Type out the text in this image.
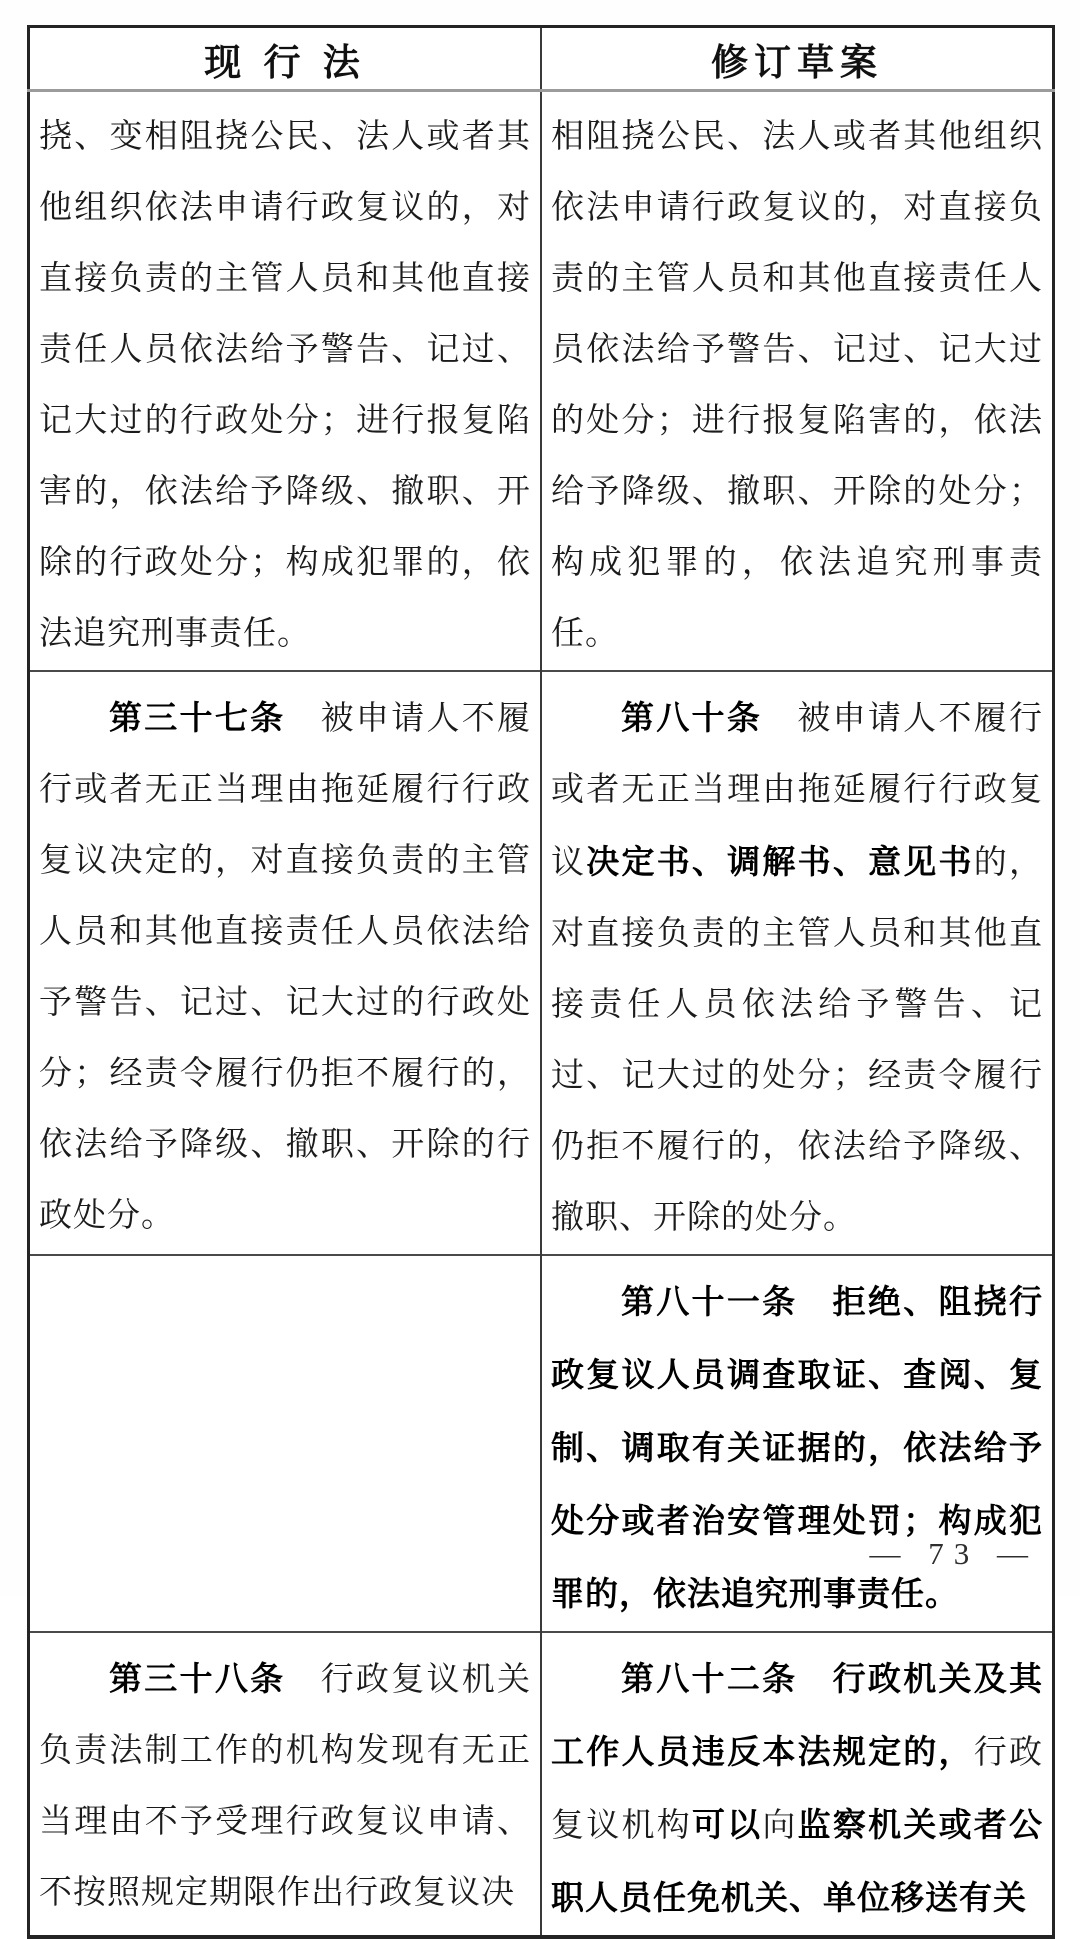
现 行 法	修订草案

挠、变相阻挠公民、法人或者其他组织依法申请行政复议的，对直接负责的主管人员和其他直接责任人员依法给予警告、记过、记大过的行政处分；进行报复陷害的，依法给予降级、撤职、开除的行政处分；构成犯罪的，依法追究刑事责任。	相阻挠公民、法人或者其他组织依法申请行政复议的，对直接负责的主管人员和其他直接责任人员依法给予警告、记过、记大过的处分；进行报复陷害的，依法给予降级、撤职、开除的处分；构成犯罪的，依法追究刑事责任。

第三十七条　被申请人不履行或者无正当理由拖延履行行政复议决定的，对直接负责的主管人员和其他直接责任人员依法给予警告、记过、记大过的行政处分；经责令履行仍拒不履行的，依法给予降级、撤职、开除的行政处分。	第八十条　被申请人不履行或者无正当理由拖延履行行政复议决定书、调解书、意见书的，对直接负责的主管人员和其他直接责任人员依法给予警告、记过、记大过的处分；经责令履行仍拒不履行的，依法给予降级、撤职、开除的处分。

	第八十一条　拒绝、阻挠行政复议人员调查取证、查阅、复制、调取有关证据的，依法给予处分或者治安管理处罚；构成犯罪的，依法追究刑事责任。

第三十八条　行政复议机关负责法制工作的机构发现有无正当理由不予受理行政复议申请、不按照规定期限作出行政复议决	第八十二条　 行政机关及其工作人员违反本法规定的，行政复议机构可以向监察机关或者公职人员任免机关、单位移送有关

— 73 —
